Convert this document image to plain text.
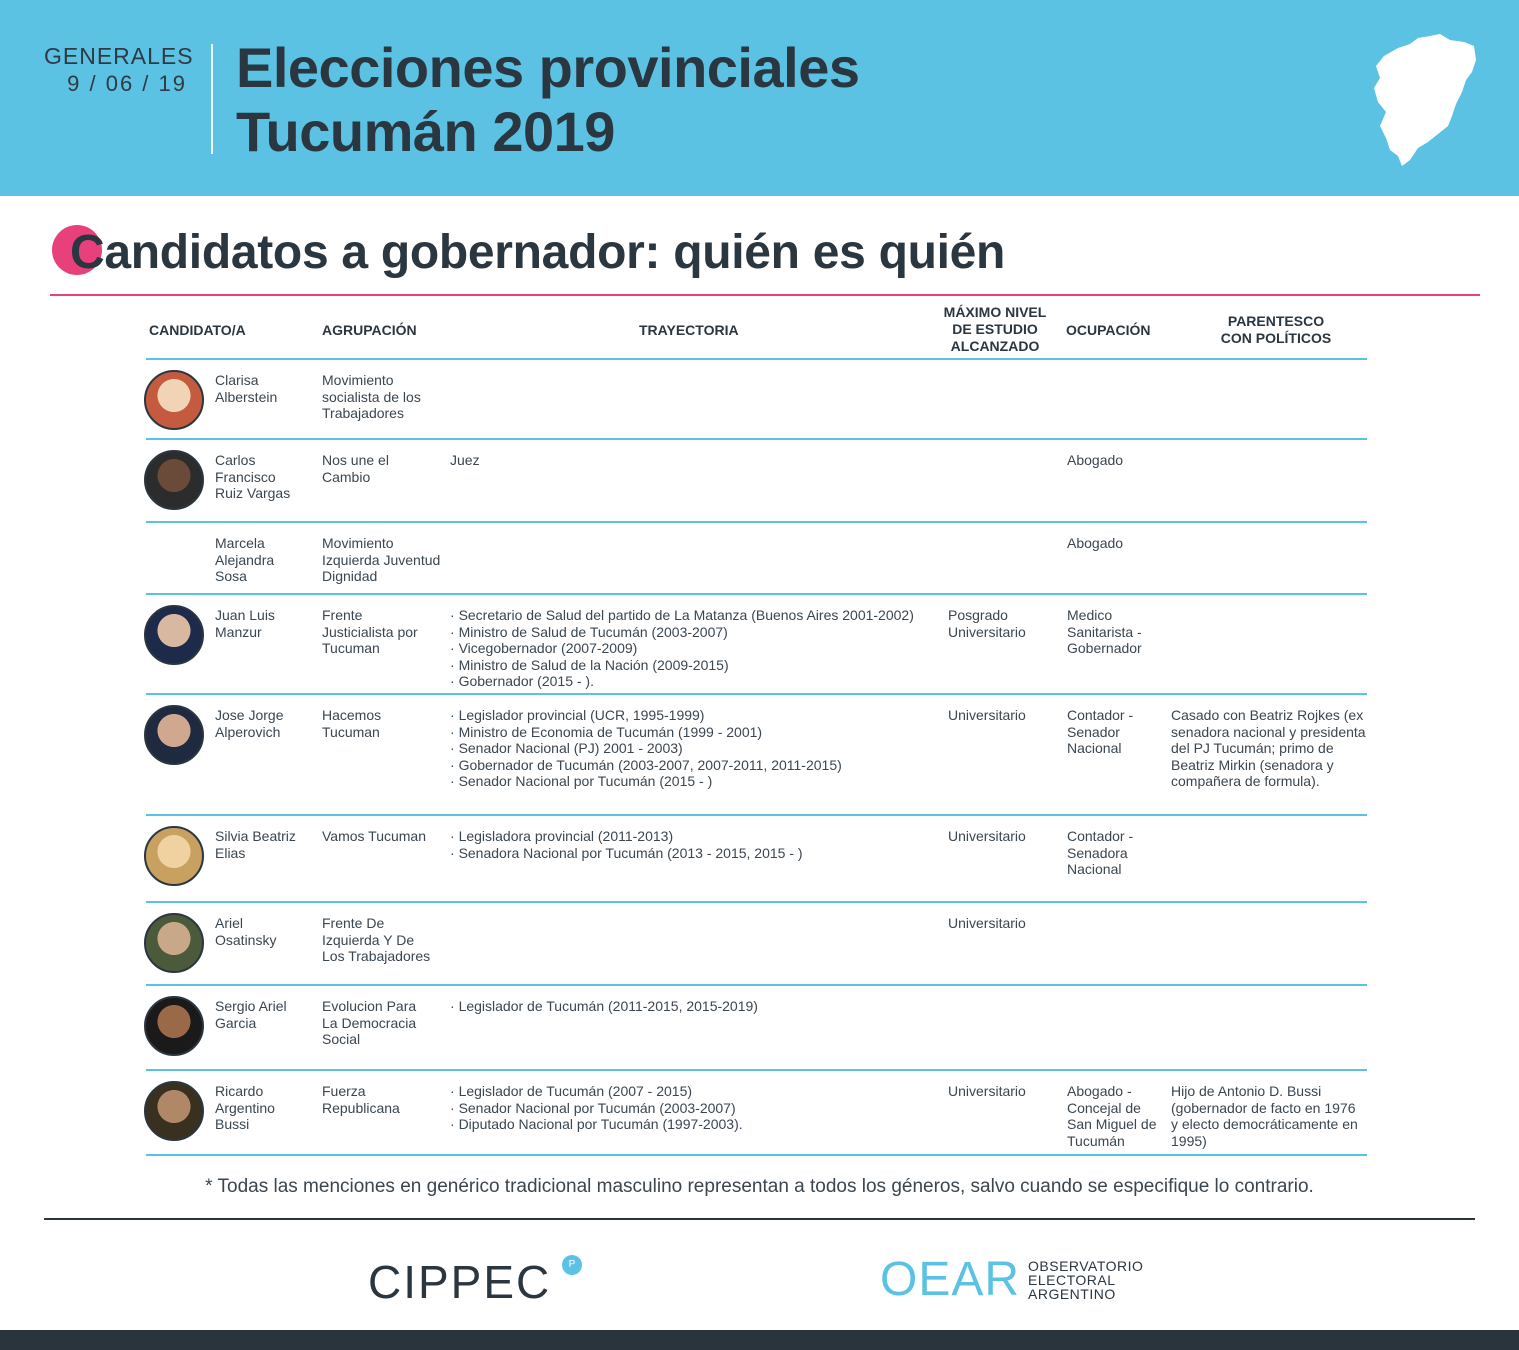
GENERALES
9 / 06 / 19 Elecciones provinciales
Tucumán 2019
Candidatos a gobernador: quién es quién
CANDIDATO/A	AGRUPACIÓN	TRAYECTORIA
MÁXIMO NIVEL
DE ESTUDIO
ALCANZADO
OCUPACIÓN
PARENTESCO
CON POLÍTICOS
Clarisa
Alberstein
Movimiento
socialista de los
Trabajadores
Carlos
Francisco
Ruiz Vargas
Nos une el
Cambio
Juez	Abogado
Marcela
Alejandra
Sosa
Movimiento
Izquierda Juventud
Dignidad
Abogado
Juan Luis
Manzur
Frente
Justicialista por
Tucuman
· Secretario de Salud del partido de La Matanza (Buenos Aires 2001-2002)
· Ministro de Salud de Tucumán (2003-2007)
· Vicegobernador (2007-2009)
· Ministro de Salud de la Nación (2009-2015)
· Gobernador (2015 - ).
Posgrado
Universitario
Medico
Sanitarista -
Gobernador
Jose Jorge
Alperovich
Hacemos
Tucuman
· Legislador provincial (UCR, 1995-1999)
· Ministro de Economia de Tucumán (1999 - 2001)
· Senador Nacional (PJ) 2001 - 2003)
· Gobernador de Tucumán (2003-2007, 2007-2011, 2011-2015)
· Senador Nacional por Tucumán (2015 - )
Universitario	Contador -
Senador
Nacional
Casado con Beatriz Rojkes (ex
senadora nacional y presidenta
del PJ Tucumán; primo de
Beatriz Mirkin (senadora y
compañera de formula).
Silvia Beatriz
Elias
Vamos Tucuman
·	Legisladora provincial (2011-2013)
· Senadora Nacional por Tucumán (2013 - 2015, 2015 - )
Universitario	Contador -
Senadora
Nacional
Ariel
Osatinsky
Frente De
Izquierda Y De
Los Trabajadores
Universitario
Sergio Ariel
Garcia
Evolucion Para
La Democracia
Social
· Legislador de Tucumán (2011-2015, 2015-2019)
Ricardo
Argentino
Bussi
Fuerza
Republicana
· Legislador de Tucumán (2007 - 2015)
· Senador Nacional por Tucumán (2003-2007)
· Diputado Nacional por Tucumán (1997-2003).
Universitario	Abogado -
Concejal de
San Miguel de
Tucumán
Hijo de Antonio D. Bussi
(gobernador de facto en 1976
y electo democráticamente en
1995)
* Todas las menciones en genérico tradicional masculino representan a todos los géneros, salvo cuando se especifique lo contrario.
CIPPEC	P	OEAR OBSERVATORIO
ELECTORAL
ARGENTINO
